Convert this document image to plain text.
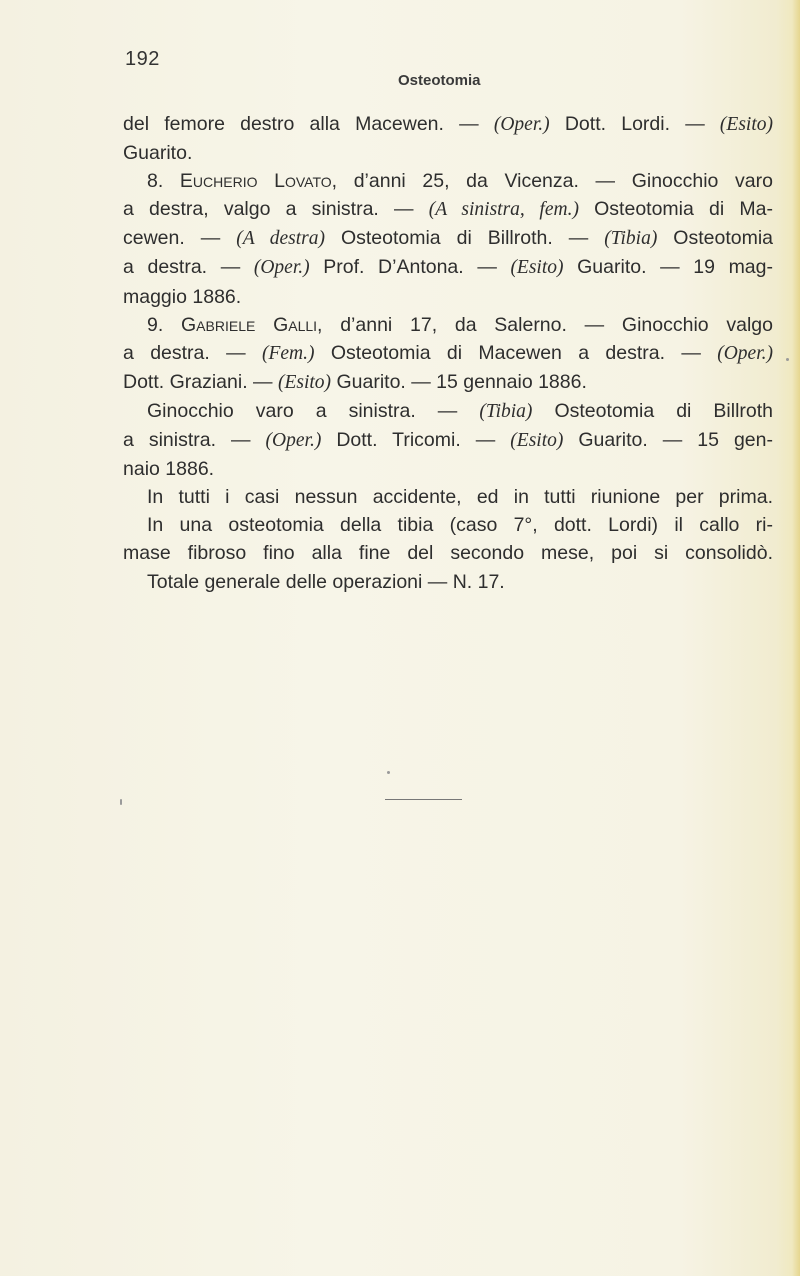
192
Osteotomia
del femore destro alla Macewen. — (Oper.) Dott. Lordi. — (Esito)
Guarito.
8. Eucherio Lovato, d’anni 25, da Vicenza. — Ginocchio varo
a destra, valgo a sinistra. — (A sinistra, fem.) Osteotomia di Ma-
cewen. — (A destra) Osteotomia di Billroth. — (Tibia) Osteotomia
a destra. — (Oper.) Prof. D’Antona. — (Esito) Guarito. — 19 mag-
maggio 1886.
9. Gabriele Galli, d’anni 17, da Salerno. — Ginocchio valgo
a destra. — (Fem.) Osteotomia di Macewen a destra. — (Oper.)
Dott. Graziani. — (Esito) Guarito. — 15 gennaio 1886.
Ginocchio varo a sinistra. — (Tibia) Osteotomia di Billroth
a sinistra. — (Oper.) Dott. Tricomi. — (Esito) Guarito. — 15 gen-
naio 1886.
In tutti i casi nessun accidente, ed in tutti riunione per prima.
In una osteotomia della tibia (caso 7°, dott. Lordi) il callo ri-
mase fibroso fino alla fine del secondo mese, poi si consolidò.
Totale generale delle operazioni — N. 17.
